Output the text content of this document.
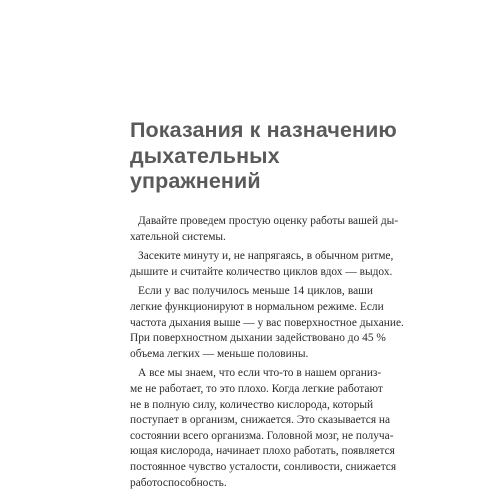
Показания к назначению
дыхательных
упражнений

Давайте проведем простую оценку работы вашей ды-
хательной системы.

Засеките минуту и, не напрягаясь, в обычном ритме,
дышите и считайте количество циклов вдох — выдох.

Если у вас получилось меньше 14 циклов, ваши
легкие функционируют в нормальном режиме. Если
частота дыхания выше — у вас поверхностное дыхание.
При поверхностном дыхании задействовано до 45 %
объема легких — меньше половины.

А все мы знаем, что если что-то в нашем организ-
ме не работает, то это плохо. Когда легкие работают
не в полную силу, количество кислорода, который
поступает в организм, снижается. Это сказывается на
состоянии всего организма. Головной мозг, не получа-
ющая кислорода, начинает плохо работать, появляется
постоянное чувство усталости, сонливости, снижается
работоспособность.
